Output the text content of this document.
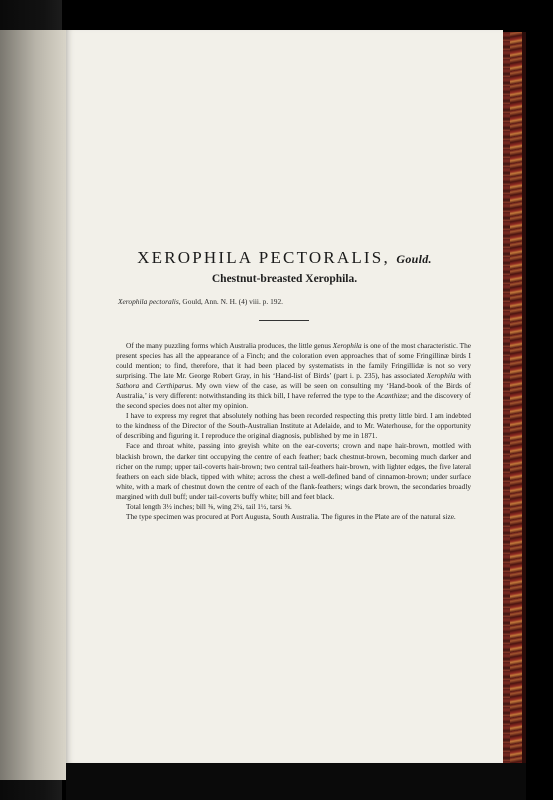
XEROPHILA PECTORALIS, Gould.
Chestnut-breasted Xerophila.
Xerophila pectoralis, Gould, Ann. N. H. (4) viii. p. 192.

Of the many puzzling forms which Australia produces, the little genus Xerophila is one of the most characteristic. The present species has all the appearance of a Finch; and the coloration even approaches that of some Fringillinæ birds I could mention; to find, therefore, that it had been placed by systematists in the family Fringillidæ is not so very surprising. The late Mr. George Robert Gray, in his ‘Hand-list of Birds’ (part i. p. 235), has associated Xerophila with Sathora and Certhiparus. My own view of the case, as will be seen on consulting my ‘Hand-book of the Birds of Australia,’ is very different: notwithstanding its thick bill, I have referred the type to the Acanthizæ; and the discovery of the second species does not alter my opinion.

I have to express my regret that absolutely nothing has been recorded respecting this pretty little bird. I am indebted to the kindness of the Director of the South-Australian Institute at Adelaide, and to Mr. Waterhouse, for the opportunity of describing and figuring it. I reproduce the original diagnosis, published by me in 1871.

Face and throat white, passing into greyish white on the ear-coverts; crown and nape hair-brown, mottled with blackish brown, the darker tint occupying the centre of each feather; back chestnut-brown, becoming much darker and richer on the rump; upper tail-coverts hair-brown; two central tail-feathers hair-brown, with lighter edges, the five lateral feathers on each side black, tipped with white; across the chest a well-defined band of cinnamon-brown; under surface white, with a mark of chestnut down the centre of each of the flank-feathers; wings dark brown, the secondaries broadly margined with dull buff; under tail-coverts buffy white; bill and feet black.

Total length 3½ inches; bill ⅜, wing 2¼, tail 1½, tarsi ⅝.

The type specimen was procured at Port Augusta, South Australia. The figures in the Plate are of the natural size.
